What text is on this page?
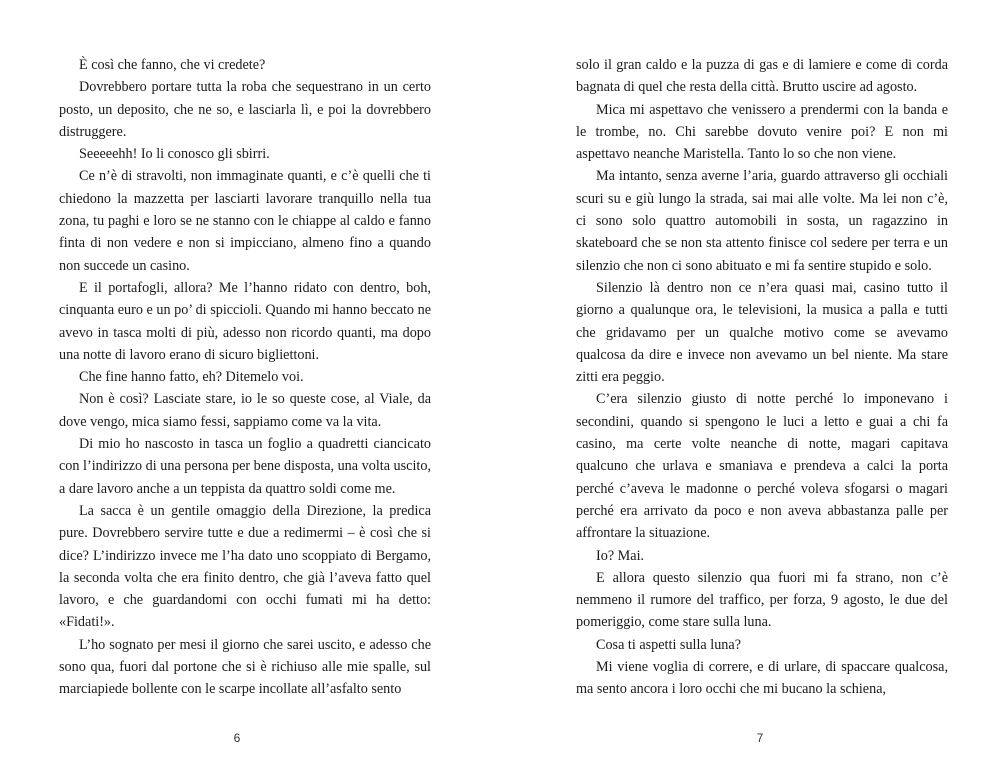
È così che fanno, che vi credete?

Dovrebbero portare tutta la roba che sequestrano in un certo posto, un deposito, che ne so, e lasciarla lì, e poi la dovrebbero distruggere.

Seeeeehh! Io li conosco gli sbirri.

Ce n’è di stravolti, non immaginate quanti, e c’è quelli che ti chiedono la mazzetta per lasciarti lavorare tranquillo nella tua zona, tu paghi e loro se ne stanno con le chiappe al caldo e fanno finta di non vedere e non si impicciano, almeno fino a quando non succede un casino.

E il portafogli, allora? Me l’hanno ridato con dentro, boh, cinquanta euro e un po’ di spiccioli. Quando mi hanno beccato ne avevo in tasca molti di più, adesso non ricordo quanti, ma dopo una notte di lavoro erano di sicuro bigliettoni.

Che fine hanno fatto, eh? Ditemelo voi.

Non è così? Lasciate stare, io le so queste cose, al Viale, da dove vengo, mica siamo fessi, sappiamo come va la vita.

Di mio ho nascosto in tasca un foglio a quadretti ciancicato con l’indirizzo di una persona per bene disposta, una volta uscito, a dare lavoro anche a un teppista da quattro soldi come me.

La sacca è un gentile omaggio della Direzione, la predica pure. Dovrebbero servire tutte e due a redimermi – è così che si dice? L’indirizzo invece me l’ha dato uno scoppiato di Bergamo, la seconda volta che era finito dentro, che già l’aveva fatto quel lavoro, e che guardandomi con occhi fumati mi ha detto: «Fidati!».

L’ho sognato per mesi il giorno che sarei uscito, e adesso che sono qua, fuori dal portone che si è richiuso alle mie spalle, sul marciapiede bollente con le scarpe incollate all’asfalto sento

6

solo il gran caldo e la puzza di gas e di lamiere e come di corda bagnata di quel che resta della città. Brutto uscire ad agosto.

Mica mi aspettavo che venissero a prendermi con la banda e le trombe, no. Chi sarebbe dovuto venire poi? E non mi aspettavo neanche Maristella. Tanto lo so che non viene.

Ma intanto, senza averne l’aria, guardo attraverso gli occhiali scuri su e giù lungo la strada, sai mai alle volte. Ma lei non c’è, ci sono solo quattro automobili in sosta, un ragazzino in skateboard che se non sta attento finisce col sedere per terra e un silenzio che non ci sono abituato e mi fa sentire stupido e solo.

Silenzio là dentro non ce n’era quasi mai, casino tutto il giorno a qualunque ora, le televisioni, la musica a palla e tutti che gridavamo per un qualche motivo come se avevamo qualcosa da dire e invece non avevamo un bel niente. Ma stare zitti era peggio.

C’era silenzio giusto di notte perché lo imponevano i secondini, quando si spengono le luci a letto e guai a chi fa casino, ma certe volte neanche di notte, magari capitava qualcuno che urlava e smaniava e prendeva a calci la porta perché c’aveva le madonne o perché voleva sfogarsi o magari perché era arrivato da poco e non aveva abbastanza palle per affrontare la situazione.

Io? Mai.

E allora questo silenzio qua fuori mi fa strano, non c’è nemmeno il rumore del traffico, per forza, 9 agosto, le due del pomeriggio, come stare sulla luna.

Cosa ti aspetti sulla luna?

Mi viene voglia di correre, e di urlare, di spaccare qualcosa, ma sento ancora i loro occhi che mi bucano la schiena,

7
